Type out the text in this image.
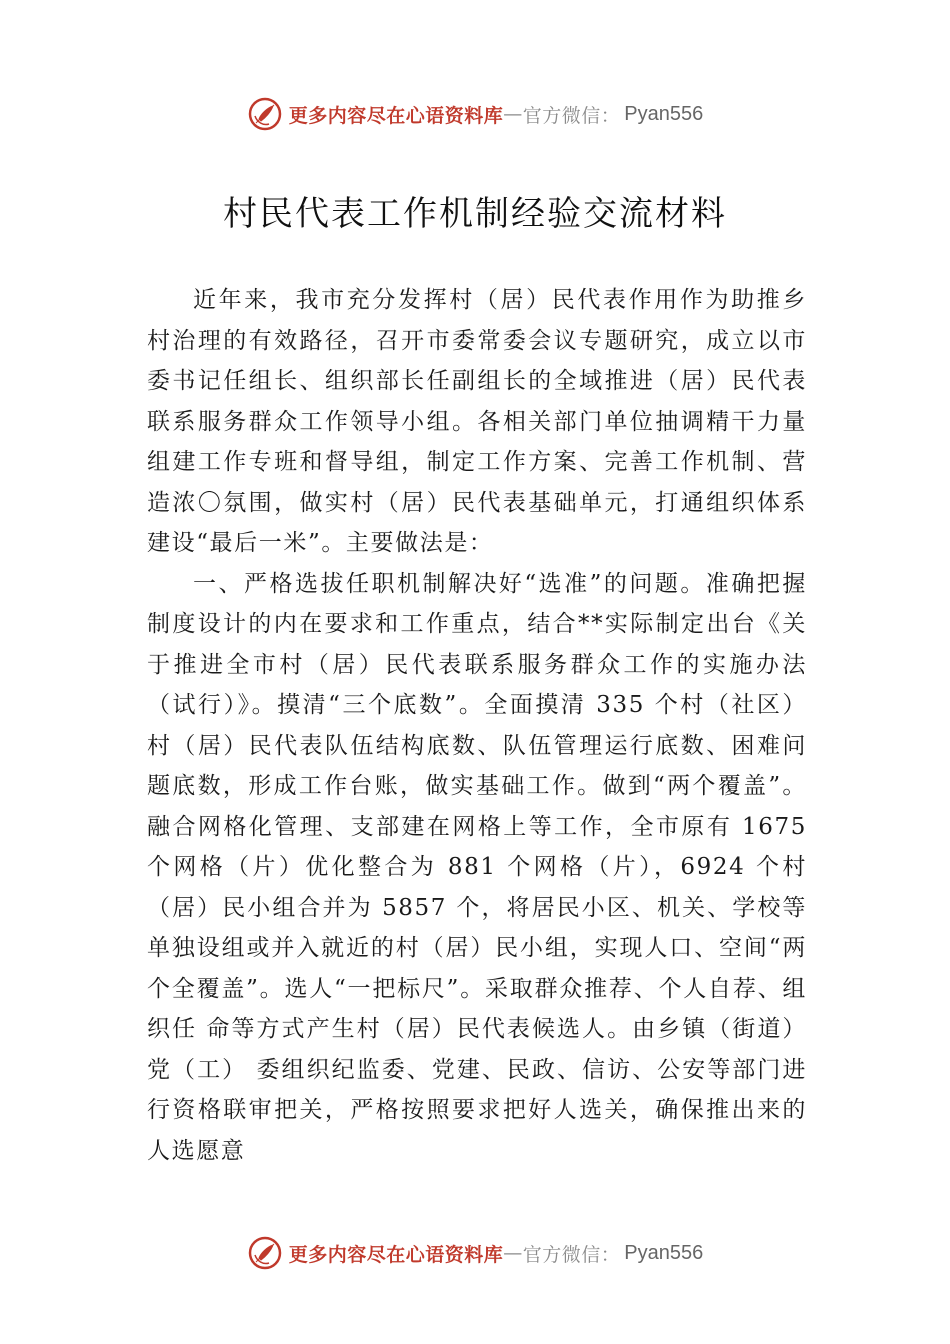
更多内容尽在心语资料库 — 官方微信： Pyan556
村民代表工作机制经验交流材料

近年来，我市充分发挥村（居）民代表作用作为助推乡村治理的有效路径，召开市委常委会议专题研究，成立以市委书记任组长、组织部长任副组长的全域推进（居）民代表联系服务群众工作领导小组。各相关部门单位抽调精干力量组建工作专班和督导组，制定工作方案、完善工作机制、营造浓〇氛围，做实村（居）民代表基础单元，打通组织体系建设“最后一米”。主要做法是：

一、严格选拔任职机制解决好“选准”的问题。准确把握制度设计的内在要求和工作重点，结合**实际制定出台《关于推进全市村（居）民代表联系服务群众工作的实施办法（试行）》。摸清“三个底数”。全面摸清 335 个村（社区） 村（居）民代表队伍结构底数、队伍管理运行底数、困难问 题底数，形成工作台账，做实基础工作。做到“两个覆盖”。融合网格化管理、支部建在网格上等工作，全市原有 1675 个网格（片）优化整合为 881 个网格（片），6924 个村（居）民小组合并为 5857 个，将居民小区、机关、学校等单独设组或并入就近的村（居）民小组，实现人口、空间“两个全覆盖”。选人“一把标尺”。采取群众推荐、个人自荐、组织任 命等方式产生村（居）民代表候选人。由乡镇（街道）党（工） 委组织纪监委、党建、民政、信访、公安等部门进行资格联审把关，严格按照要求把好人选关，确保推出来的人选愿意

更多内容尽在心语资料库 — 官方微信： Pyan556
